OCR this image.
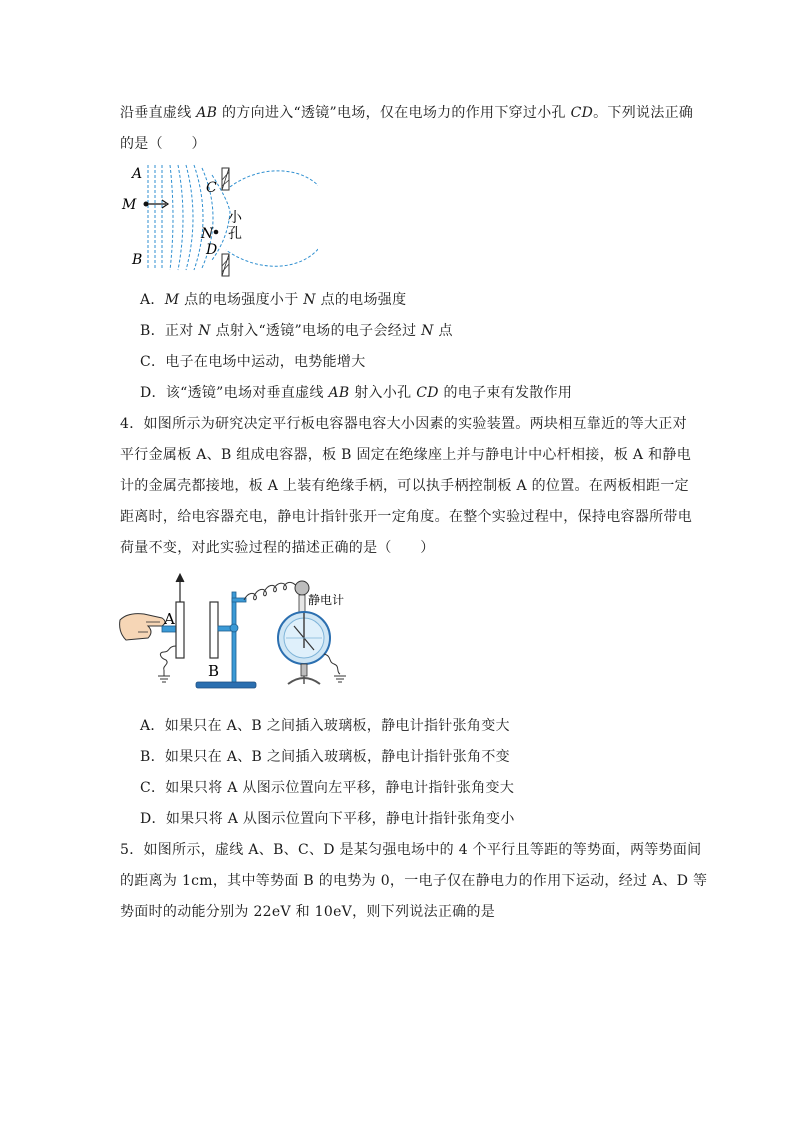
沿垂直虚线 AB 的方向进入“透镜”电场，仅在电场力的作用下穿过小孔 CD。下列说法正确
的是（　　）
A
M
B
C
N
D
小
孔
A．M 点的电场强度小于 N 点的电场强度
B．正对 N 点射入“透镜”电场的电子会经过 N 点
C．电子在电场中运动，电势能增大
D．该“透镜”电场对垂直虚线 AB 射入小孔 CD 的电子束有发散作用
4．如图所示为研究决定平行板电容器电容大小因素的实验装置。两块相互靠近的等大正对
平行金属板 A、B 组成电容器，板 B 固定在绝缘座上并与静电计中心杆相接，板 A 和静电
计的金属壳都接地，板 A 上装有绝缘手柄，可以执手柄控制板 A 的位置。在两板相距一定
距离时，给电容器充电，静电计指针张开一定角度。在整个实验过程中，保持电容器所带电
荷量不变，对此实验过程的描述正确的是（　　）
A
B
静电计
A．如果只在 A、B 之间插入玻璃板，静电计指针张角变大
B．如果只在 A、B 之间插入玻璃板，静电计指针张角不变
C．如果只将 A 从图示位置向左平移，静电计指针张角变大
D．如果只将 A 从图示位置向下平移，静电计指针张角变小
5．如图所示，虚线 A、B、C、D 是某匀强电场中的 4 个平行且等距的等势面，两等势面间
的距离为 1cm，其中等势面 B 的电势为 0，一电子仅在静电力的作用下运动，经过 A、D 等
势面时的动能分别为 22eV 和 10eV，则下列说法正确的是
